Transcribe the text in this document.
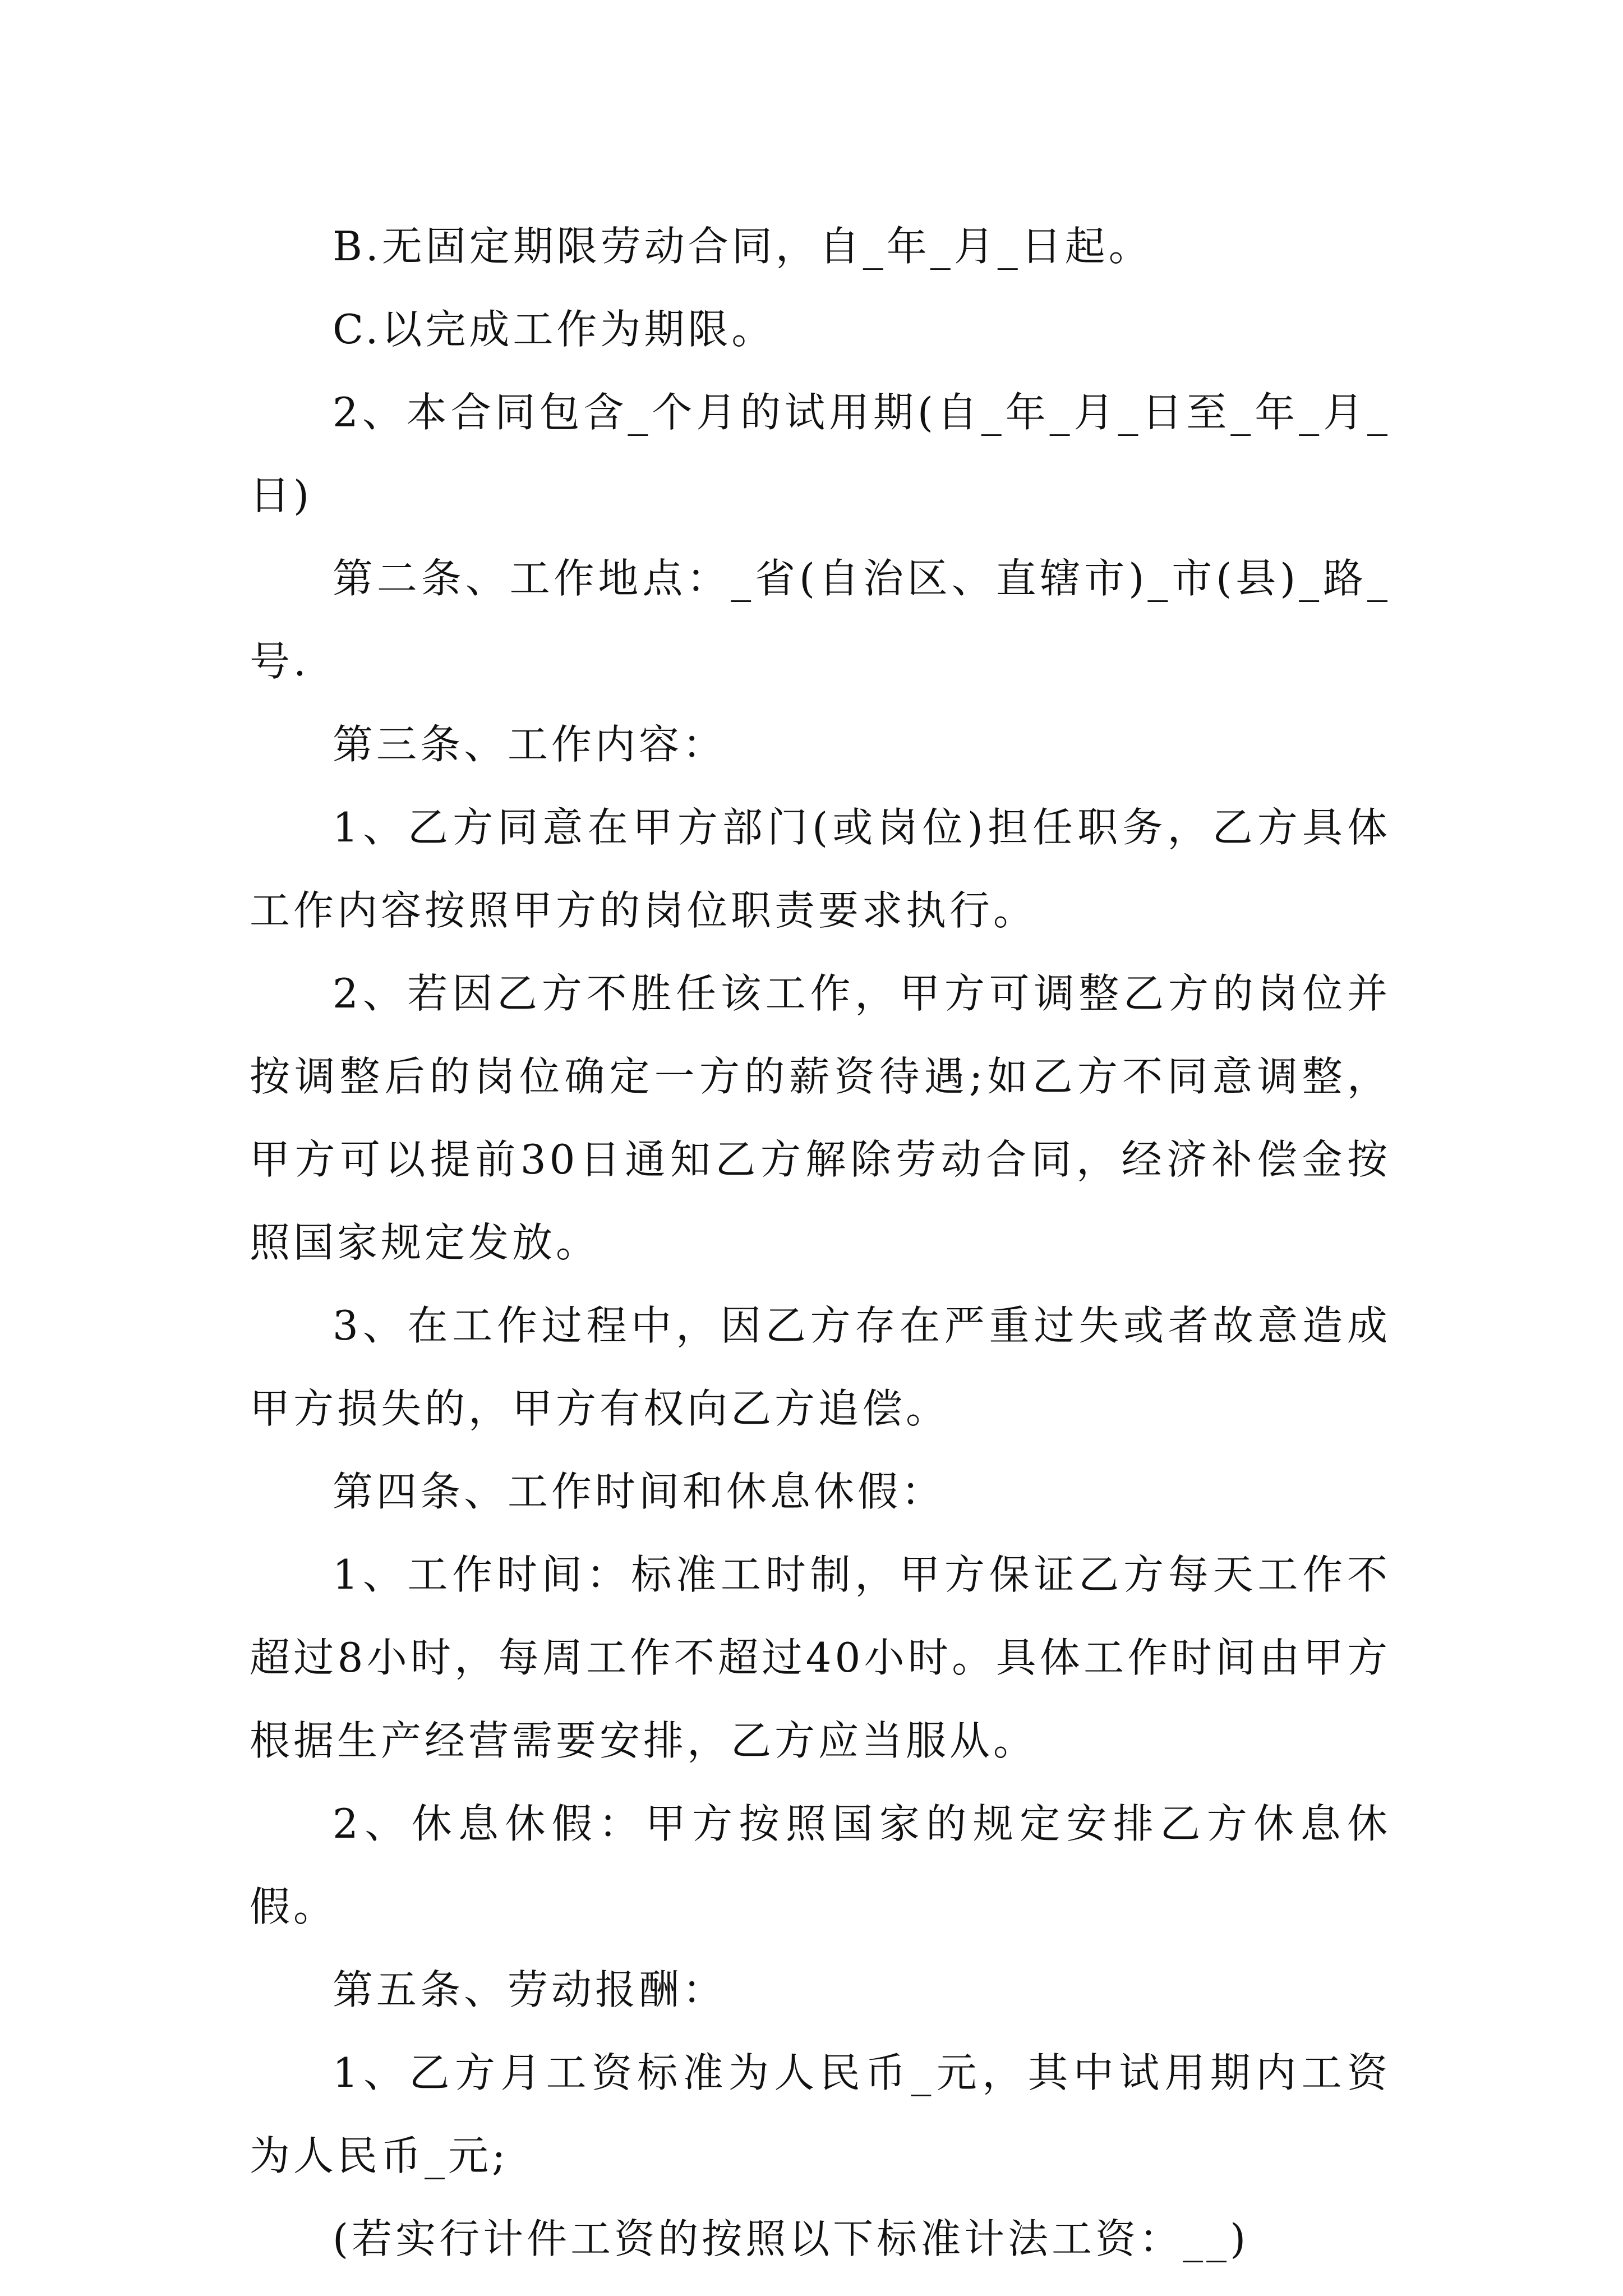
B.无固定期限劳动合同，自_年_月_日起。

C.以完成工作为期限。

2、本合同包含_个月的试用期(自_年_月_日至_年_月_日)

第二条、工作地点：_省(自治区、直辖市)_市(县)_路_号.

第三条、工作内容：

1、乙方同意在甲方部门(或岗位)担任职务，乙方具体工作内容按照甲方的岗位职责要求执行。

2、若因乙方不胜任该工作，甲方可调整乙方的岗位并按调整后的岗位确定一方的薪资待遇;如乙方不同意调整，甲方可以提前30日通知乙方解除劳动合同，经济补偿金按照国家规定发放。

3、在工作过程中，因乙方存在严重过失或者故意造成甲方损失的，甲方有权向乙方追偿。

第四条、工作时间和休息休假：

1、工作时间：标准工时制，甲方保证乙方每天工作不超过8小时，每周工作不超过40小时。具体工作时间由甲方根据生产经营需要安排，乙方应当服从。

2、休息休假：甲方按照国家的规定安排乙方休息休假。

第五条、劳动报酬：

1、乙方月工资标准为人民币_元，其中试用期内工资为人民币_元;

(若实行计件工资的按照以下标准计法工资：__)
